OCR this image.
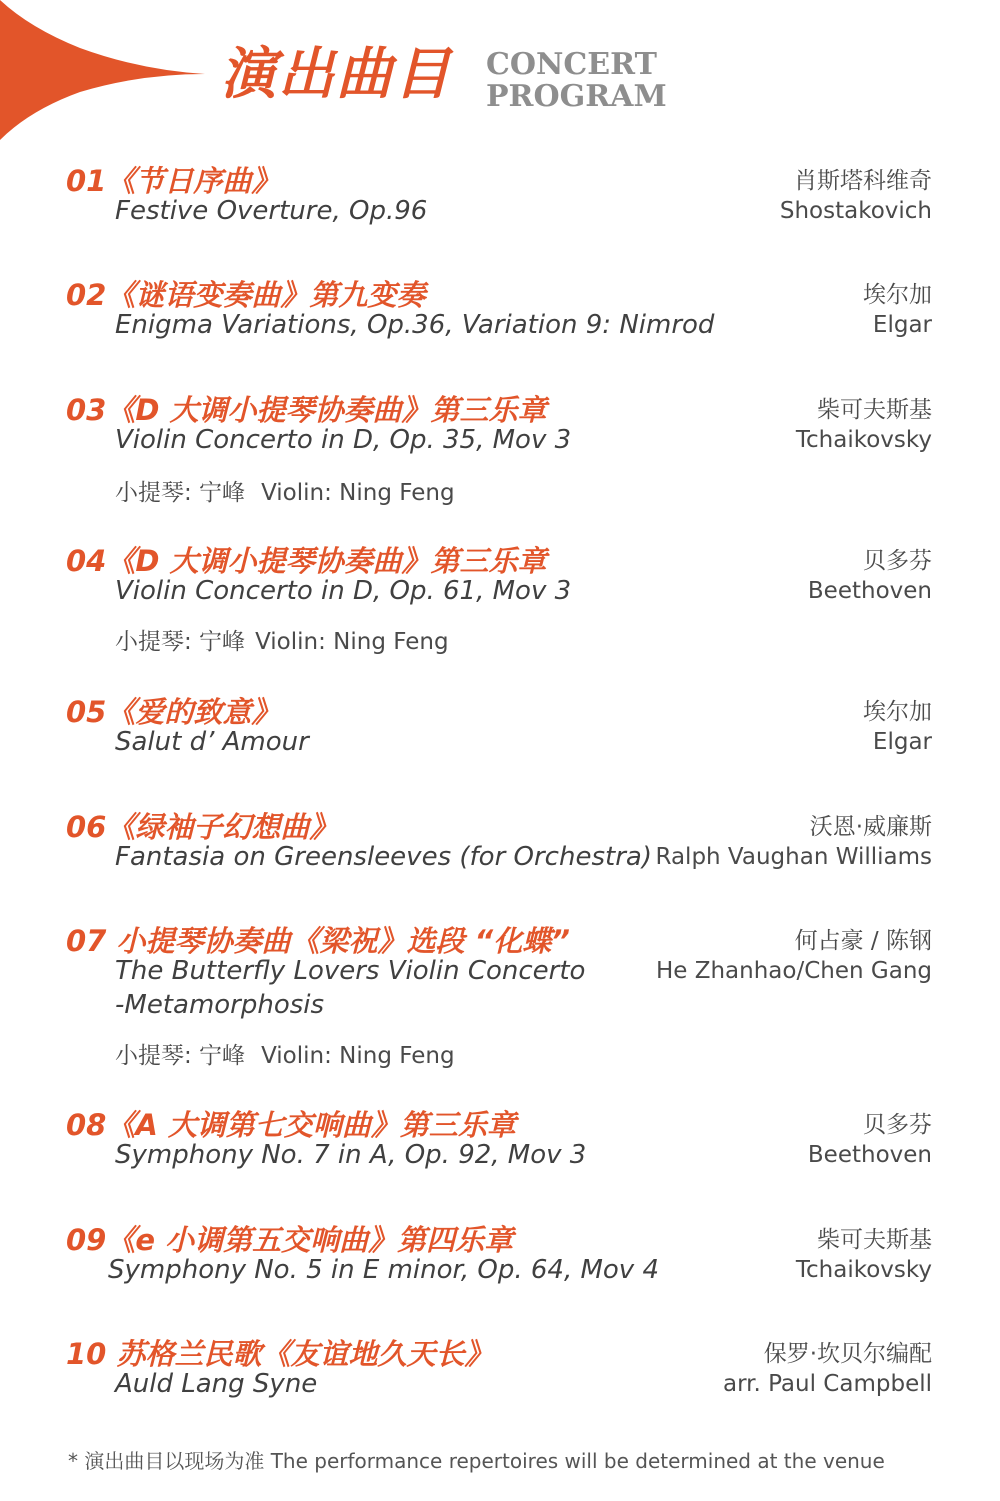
演出曲目 CONCERT
PROGRAM
01《节日序曲》	肖斯塔科维奇
Festive Overture, Op.96	Shostakovich
02《谜语变奏曲》第九变奏	埃尔加
Enigma Variations, Op.36, Variation 9: Nimrod	Elgar
03《D 大调小提琴协奏曲》第三乐章	柴可夫斯基
Violin Concerto in D, Op. 35, Mov 3	Tchaikovsky
小提琴: 宁峰 Violin: Ning Feng
04《D 大调小提琴协奏曲》第三乐章	贝多芬
Violin Concerto in D, Op. 61, Mov 3	Beethoven
小提琴: 宁峰 Violin: Ning Feng
05《爱的致意》	埃尔加
Salut d’ Amour	Elgar
06《绿袖子幻想曲》	沃恩·威廉斯
Fantasia on Greensleeves (for Orchestra) Ralph Vaughan Williams
07 小提琴协奏曲《梁祝》选段 “化蝶”	何占豪 / 陈钢
The Butterfly Lovers Violin Concerto
-Metamorphosis
He Zhanhao/Chen Gang
小提琴: 宁峰 Violin: Ning Feng
08《A 大调第七交响曲》第三乐章	贝多芬
Symphony No. 7 in A, Op. 92, Mov 3	Beethoven
09《e 小调第五交响曲》第四乐章	柴可夫斯基
Symphony No. 5 in E minor, Op. 64, Mov 4	Tchaikovsky
10 苏格兰民歌《友谊地久天长》	保罗·坎贝尔编配
Auld Lang Syne	arr. Paul Campbell
* 演出曲目以现场为准 The performance repertoires will be determined at the venue
